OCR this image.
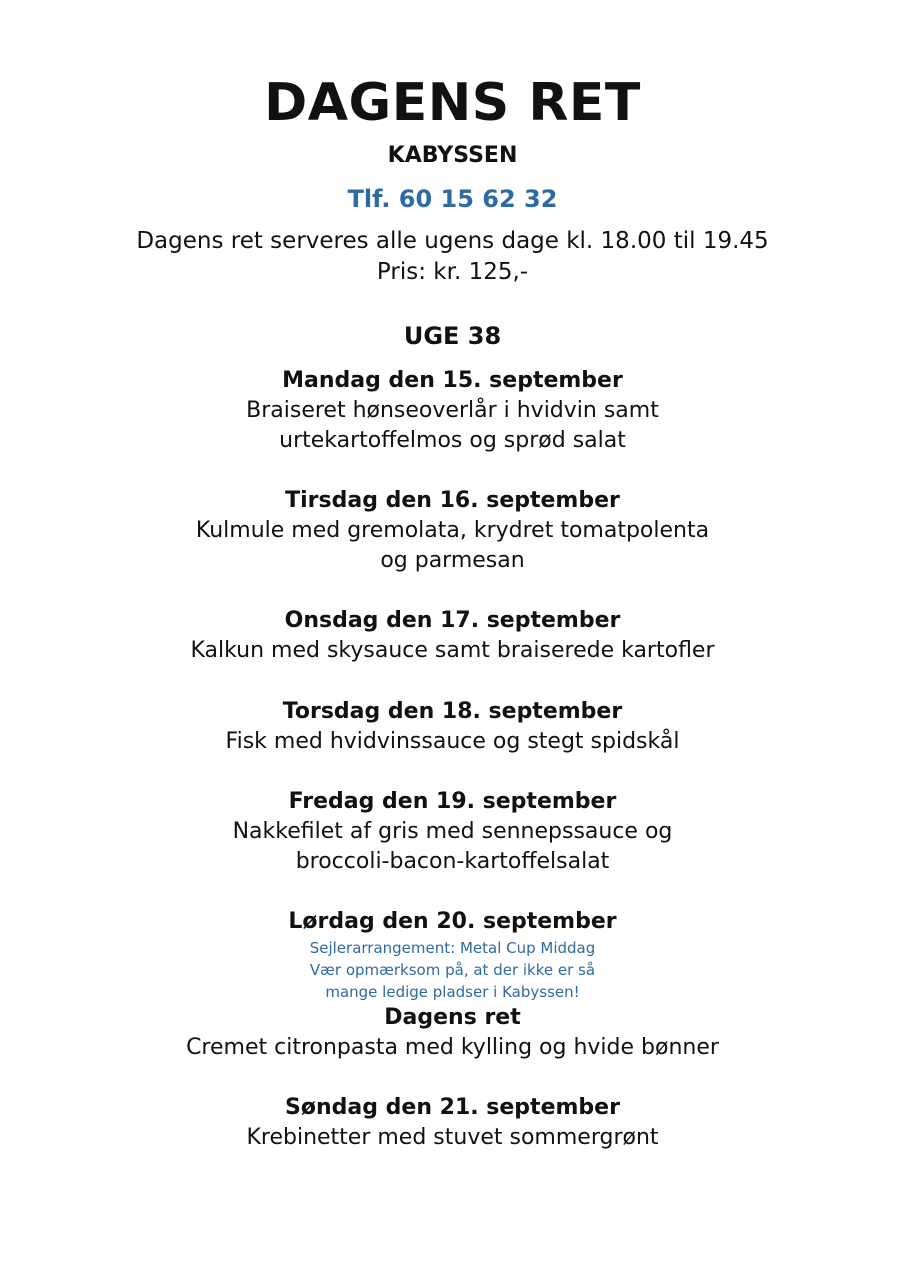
DAGENS RET
KABYSSEN

Tlf. 60 15 62 32

Dagens ret serveres alle ugens dage kl. 18.00 til 19.45
Pris: kr. 125,-
UGE 38

Mandag den 15. september

Braiseret hønseoverlår i hvidvin samt
urtekartoffelmos og sprød salat

Tirsdag den 16. september

Kulmule med gremolata, krydret tomatpolenta
og parmesan

Onsdag den 17. september

Kalkun med skysauce samt braiserede kartofler

Torsdag den 18. september

Fisk med hvidvinssauce og stegt spidskål

Fredag den 19. september

Nakkefilet af gris med sennepssauce og
broccoli-bacon-kartoffelsalat

Lørdag den 20. september

Sejlerarrangement: Metal Cup Middag
Vær opmærksom på, at der ikke er så
mange ledige pladser i Kabyssen!

Dagens ret

Cremet citronpasta med kylling og hvide bønner

Søndag den 21. september

Krebinetter med stuvet sommergrønt
